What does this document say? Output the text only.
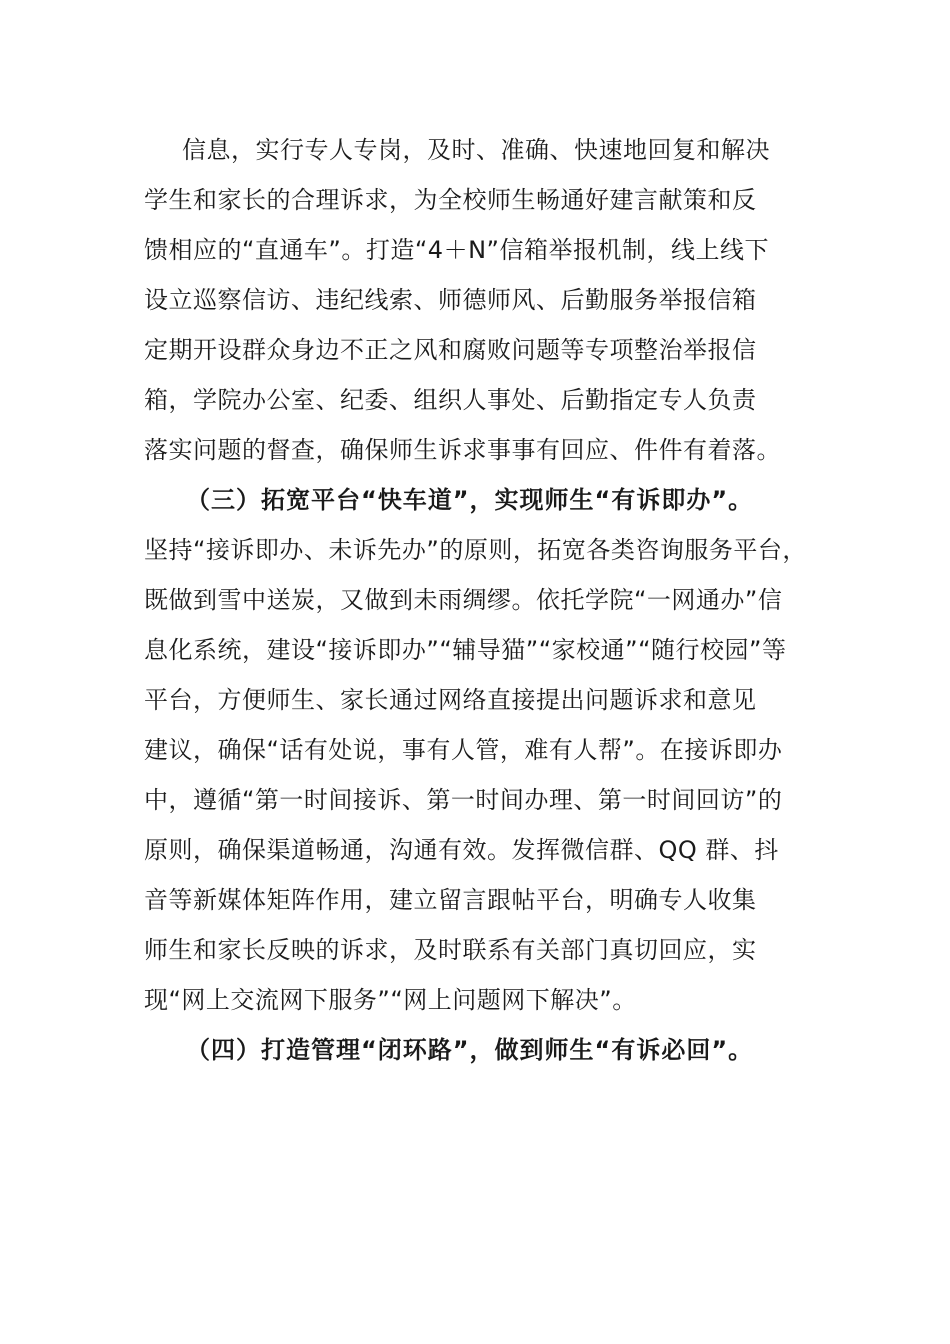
信息，实行专人专岗，及时、准确、快速地回复和解决
学生和家长的合理诉求，为全校师生畅通好建言献策和反
馈相应的“直通车”。打造“4＋N”信箱举报机制，线上线下
设立巡察信访、违纪线索、师德师风、后勤服务举报信箱
定期开设群众身边不正之风和腐败问题等专项整治举报信
箱，学院办公室、纪委、组织人事处、后勤指定专人负责
落实问题的督查，确保师生诉求事事有回应、件件有着落。
（三）拓宽平台“快车道”，实现师生“有诉即办”。
坚持“接诉即办、未诉先办”的原则，拓宽各类咨询服务平台，
既做到雪中送炭，又做到未雨绸缪。依托学院“一网通办”信
息化系统，建设“接诉即办”“辅导猫”“家校通”“随行校园”等
平台，方便师生、家长通过网络直接提出问题诉求和意见
建议，确保“话有处说，事有人管，难有人帮”。在接诉即办
中，遵循“第一时间接诉、第一时间办理、第一时间回访”的
原则，确保渠道畅通，沟通有效。发挥微信群、QQ 群、抖
音等新媒体矩阵作用，建立留言跟帖平台，明确专人收集
师生和家长反映的诉求，及时联系有关部门真切回应，实
现“网上交流网下服务”“网上问题网下解决”。
（四）打造管理“闭环路”，做到师生“有诉必回”。
